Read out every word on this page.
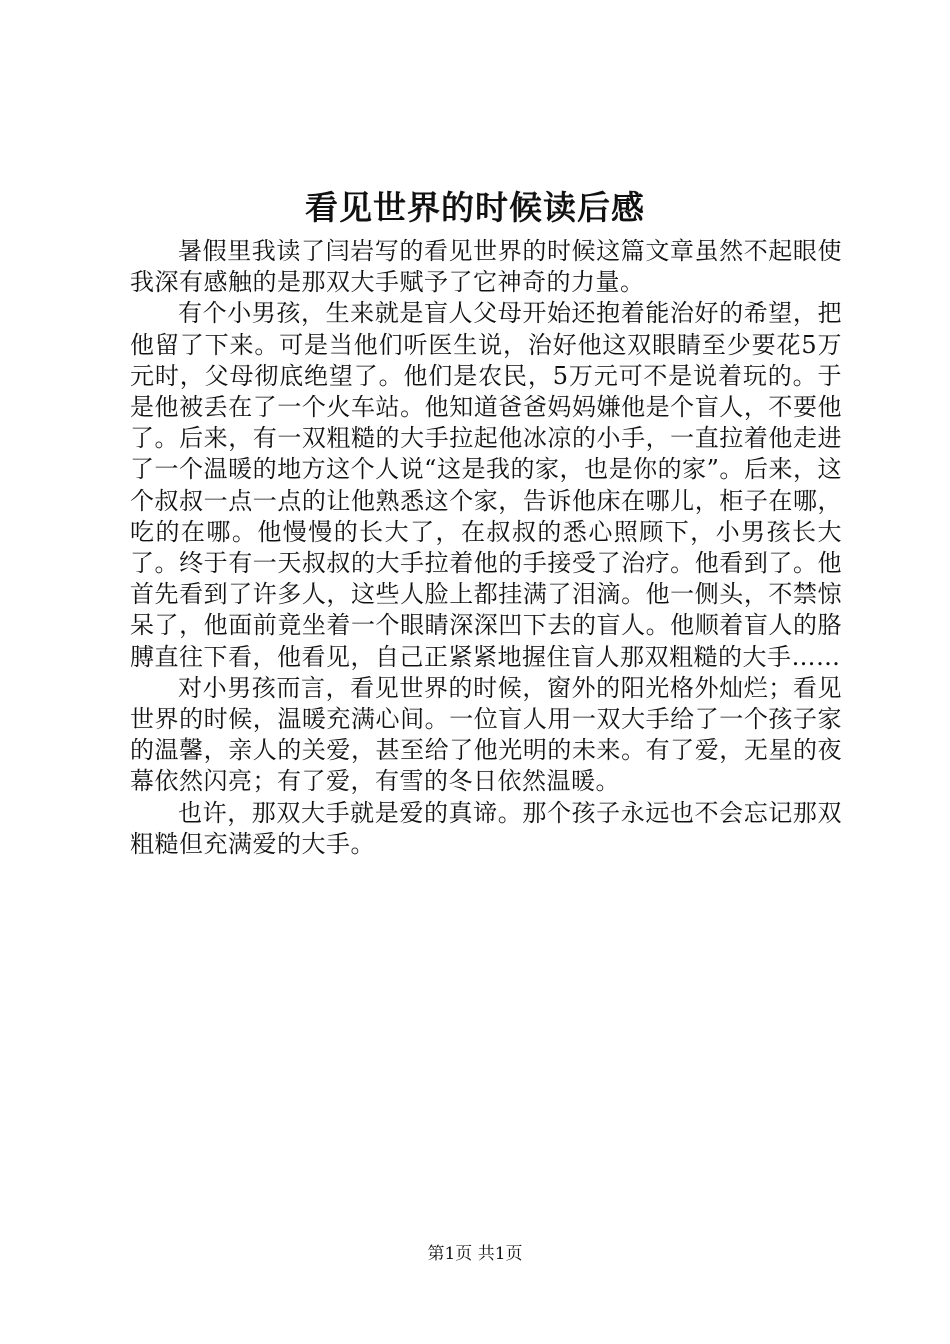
看见世界的时候读后感

暑假里我读了闫岩写的看见世界的时候这篇文章虽然不起眼使我深有感触的是那双大手赋予了它神奇的力量。

有个小男孩，生来就是盲人父母开始还抱着能治好的希望，把他留了下来。可是当他们听医生说，治好他这双眼睛至少要花5万元时，父母彻底绝望了。他们是农民，5万元可不是说着玩的。于是他被丢在了一个火车站。他知道爸爸妈妈嫌他是个盲人，不要他了。后来，有一双粗糙的大手拉起他冰凉的小手，一直拉着他走进了一个温暖的地方这个人说“这是我的家，也是你的家”。后来，这个叔叔一点一点的让他熟悉这个家，告诉他床在哪儿，柜子在哪，吃的在哪。他慢慢的长大了，在叔叔的悉心照顾下，小男孩长大了。终于有一天叔叔的大手拉着他的手接受了治疗。他看到了。他首先看到了许多人，这些人脸上都挂满了泪滴。他一侧头，不禁惊呆了，他面前竟坐着一个眼睛深深凹下去的盲人。他顺着盲人的胳膊直往下看，他看见，自己正紧紧地握住盲人那双粗糙的大手……

对小男孩而言，看见世界的时候，窗外的阳光格外灿烂；看见世界的时候，温暖充满心间。一位盲人用一双大手给了一个孩子家的温馨，亲人的关爱，甚至给了他光明的未来。有了爱，无星的夜幕依然闪亮；有了爱，有雪的冬日依然温暖。

也许，那双大手就是爱的真谛。那个孩子永远也不会忘记那双粗糙但充满爱的大手。

第1页 共1页
